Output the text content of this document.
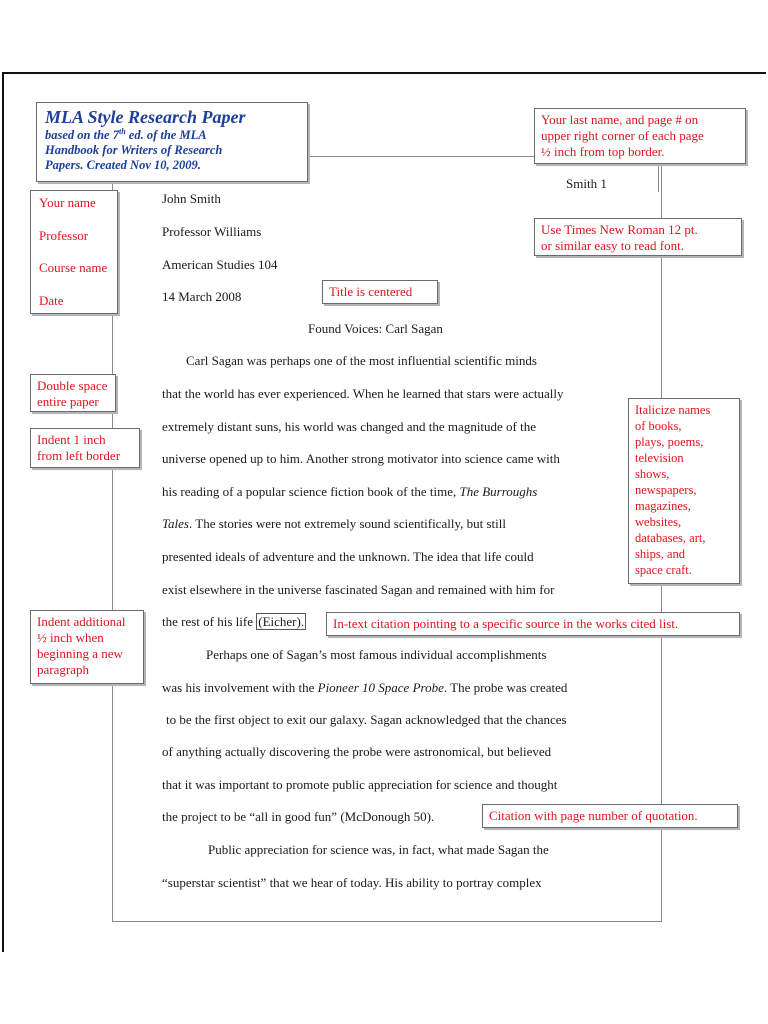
MLA Style Research Paper
based on the 7th ed. of the MLA
Handbook for Writers of Research
Papers. Created Nov 10, 2009.
Your last name, and page # on
upper right corner of each page
½ inch from top border.
Smith 1
Use Times New Roman 12 pt.
or similar easy to read font.
Your name
Professor
Course name
Date
John Smith
Professor Williams
American Studies 104
14 March 2008	Title is centered
Found Voices: Carl Sagan
Double space
entire paper
Indent 1 inch
from left border
Carl Sagan was perhaps one of the most influential scientific minds
that the world has ever experienced. When he learned that stars were actually
extremely distant suns, his world was changed and the magnitude of the
universe opened up to him. Another strong motivator into science came with
his reading of a popular science fiction book of the time, The Burroughs
Tales. The stories were not extremely sound scientifically, but still
presented ideals of adventure and the unknown. The idea that life could
exist elsewhere in the universe fascinated Sagan and remained with him for
the rest of his life (Eicher).
Perhaps one of Sagan’s most famous individual accomplishments
was his involvement with the Pioneer 10 Space Probe. The probe was created
to be the first object to exit our galaxy. Sagan acknowledged that the chances
of anything actually discovering the probe were astronomical, but believed
that it was important to promote public appreciation for science and thought
the project to be “all in good fun” (McDonough 50).
Public appreciation for science was, in fact, what made Sagan the
“superstar scientist” that we hear of today. His ability to portray complex
Italicize names
of books,
plays, poems,
television
shows,
newspapers,
magazines,
websites,
databases, art,
ships, and
space craft.
In-text citation pointing to a specific source in the works cited list.
Indent additional
½ inch when
beginning a new
paragraph
Citation with page number of quotation.
